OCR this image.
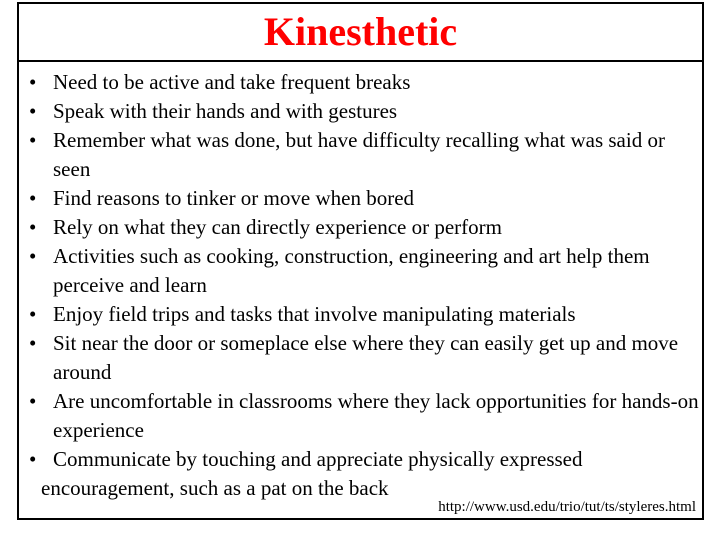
Kinesthetic
• Need to be active and take frequent breaks
• Speak with their hands and with gestures
• Remember what was done, but have difficulty recalling what was said or seen
• Find reasons to tinker or move when bored
• Rely on what they can directly experience or perform
• Activities such as cooking, construction, engineering and art help them perceive and learn
• Enjoy field trips and tasks that involve manipulating materials
• Sit near the door or someplace else where they can easily get up and move around
• Are uncomfortable in classrooms where they lack opportunities for hands-on experience
• Communicate by touching and appreciate physically expressed
encouragement, such as a pat on the back
http://www.usd.edu/trio/tut/ts/styleres.html
